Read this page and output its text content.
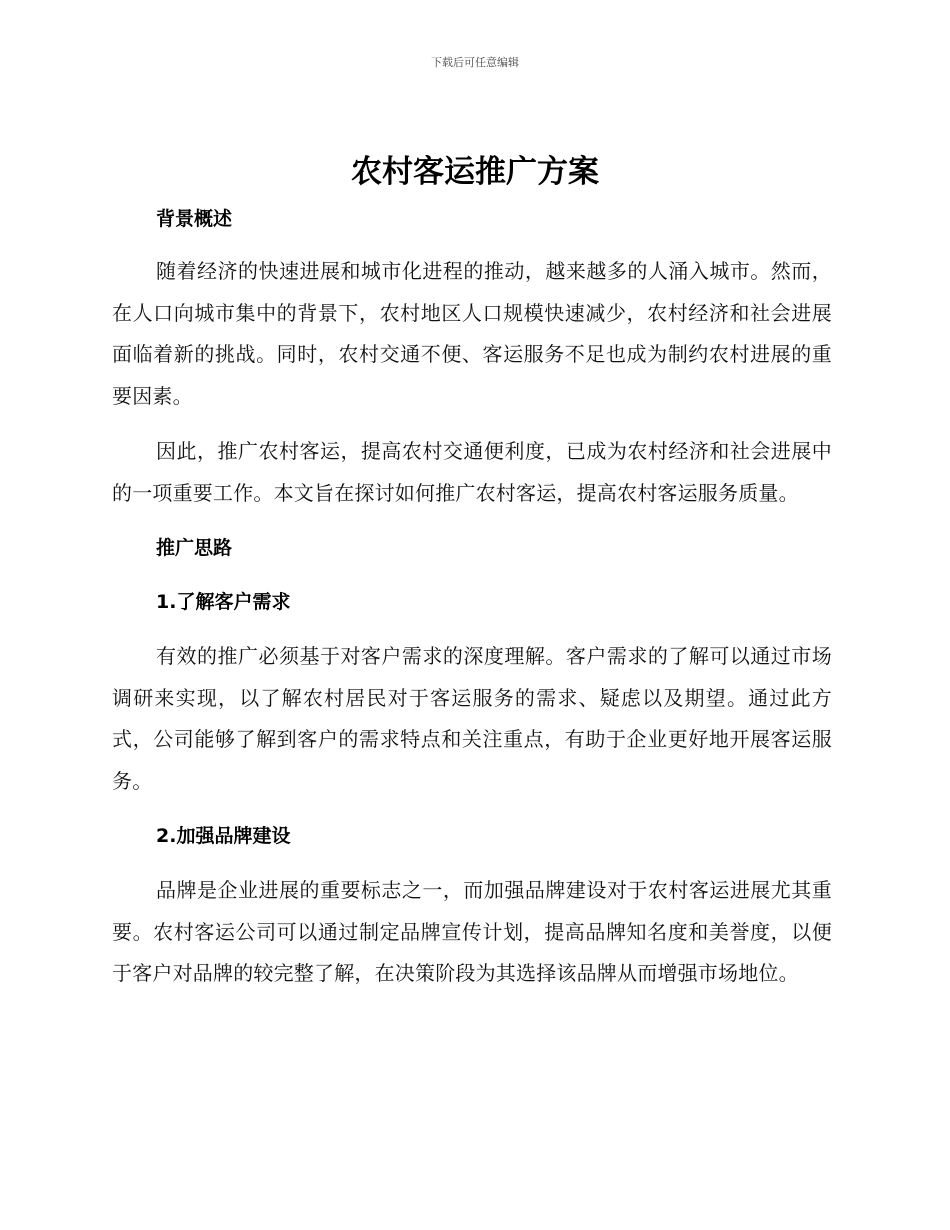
下载后可任意编辑
农村客运推广方案

背景概述

随着经济的快速进展和城市化进程的推动，越来越多的人涌入城市。然而，在人口向城市集中的背景下，农村地区人口规模快速减少，农村经济和社会进展面临着新的挑战。同时，农村交通不便、客运服务不足也成为制约农村进展的重要因素。

因此，推广农村客运，提高农村交通便利度，已成为农村经济和社会进展中的一项重要工作。本文旨在探讨如何推广农村客运，提高农村客运服务质量。

推广思路

1.了解客户需求

有效的推广必须基于对客户需求的深度理解。客户需求的了解可以通过市场调研来实现，以了解农村居民对于客运服务的需求、疑虑以及期望。通过此方式，公司能够了解到客户的需求特点和关注重点，有助于企业更好地开展客运服务。

2.加强品牌建设

品牌是企业进展的重要标志之一，而加强品牌建设对于农村客运进展尤其重要。农村客运公司可以通过制定品牌宣传计划，提高品牌知名度和美誉度，以便于客户对品牌的较完整了解，在决策阶段为其选择该品牌从而增强市场地位。
